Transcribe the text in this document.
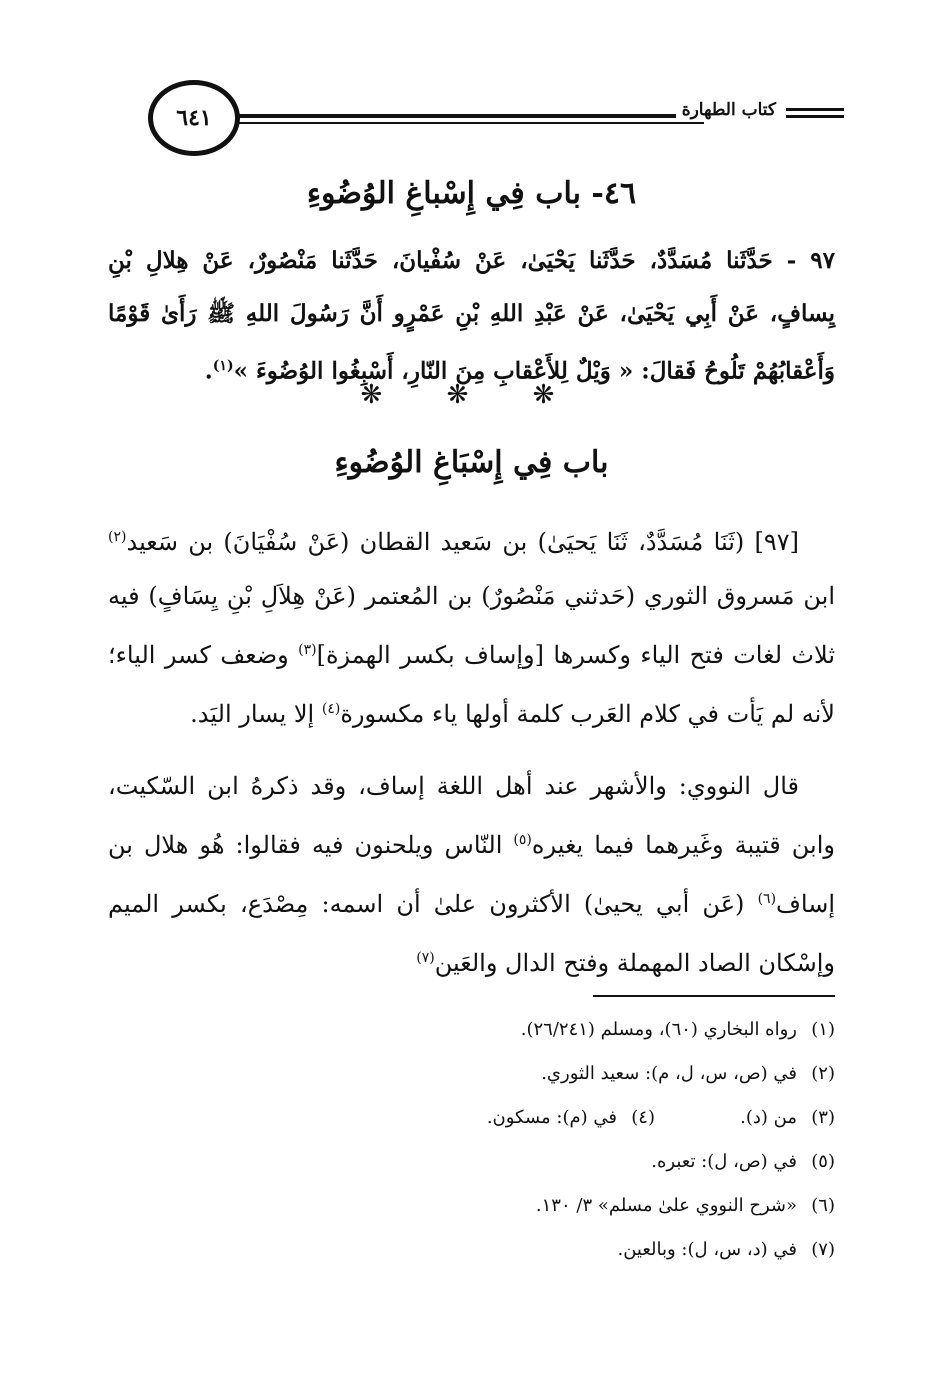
كتاب الطهارة
٦٤١
٤٦- باب فِي إِسْباغِ الوُضُوءِ
٩٧ - حَدَّثَنا مُسَدَّدٌ، حَدَّثَنا يَحْيَىٰ، عَنْ سُفْيانَ، حَدَّثَنا مَنْصُورٌ، عَنْ هِلالِ بْنِ يِسافٍ، عَنْ أَبِي يَحْيَىٰ، عَنْ عَبْدِ اللهِ بْنِ عَمْرٍو أَنَّ رَسُولَ اللهِ ﷺ رَأَىٰ قَوْمًا وَأَعْقابُهُمْ تَلُوحُ فَقالَ: « وَيْلٌ لِلأَعْقابِ مِنَ النّارِ، أَسْبِغُوا الوُضُوءَ »$^{(١)}$.
❋ ❋ ❋
باب فِي إِسْبَاغِ الوُضُوءِ

[٩٧] (ثَنَا مُسَدَّدٌ، ثَنَا يَحيَىٰ) بن سَعيد القطان (عَنْ سُفْيَانَ) بن سَعيد$^{(٢)}$ ابن مَسروق الثوري (حَدثني مَنْصُورٌ) بن المُعتمر (عَنْ هِلاَلِ بْنِ يِسَافٍ) فيه ثلاث لغات فتح الياء وكسرها [وإساف بكسر الهمزة]$^{(٣)}$ وضعف كسر الياء؛ لأنه لم يَأت في كلام العَرب كلمة أولها ياء مكسورة$^{(٤)}$ إلا يسار اليَد.

قال النووي: والأشهر عند أهل اللغة إساف، وقد ذكرهُ ابن السّكيت، وابن قتيبة وغَيرهما فيما يغيره$^{(٥)}$ النّاس ويلحنون فيه فقالوا: هُو هلال بن إساف$^{(٦)}$ (عَن أبي يحيىٰ) الأكثرون علىٰ أن اسمه: مِصْدَع، بكسر الميم وإسْكان الصاد المهملة وفتح الدال والعَين$^{(٧)}$

(١)
رواه البخاري (٦٠)، ومسلم (٢٦/٢٤١).
(٢)
في (ص، س، ل، م): سعيد الثوري.
(٣)
من (د).
(٤)
في (م): مسكون.
(٥)
في (ص، ل): تعبره.
(٦)
«شرح النووي علىٰ مسلم» ٣/ ١٣٠.
(٧)
في (د، س، ل): وبالعين.
